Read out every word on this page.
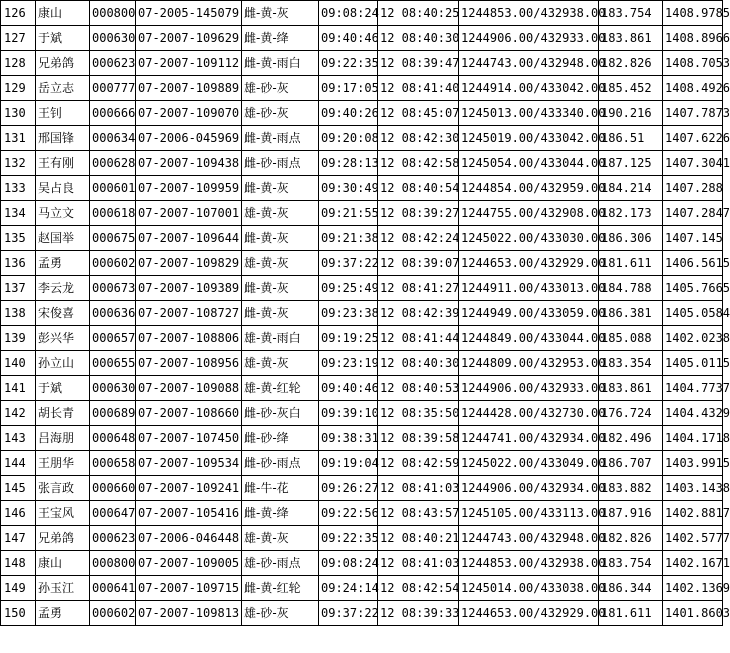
126	康山	000800	07-2005-145079	雌-黄-灰	09:08:24	12 08:40:25	1244853.00/432938.00	183.754	1408.9785
127	于斌	000630	07-2007-109629	雌-黄-绛	09:40:46	12 08:40:30	1244906.00/432933.00	183.861	1408.8966
128	兄弟鸽	000623	07-2007-109112	雌-黄-雨白	09:22:35	12 08:39:47	1244743.00/432948.00	182.826	1408.7053
129	岳立志	000777	07-2007-109889	雄-砂-灰	09:17:05	12 08:41:40	1244914.00/433042.00	185.452	1408.4926
130	王钊	000666	07-2007-109070	雄-砂-灰	09:40:26	12 08:45:07	1245013.00/433340.00	190.216	1407.7873
131	邢国锋	000634	07-2006-045969	雌-黄-雨点	09:20:08	12 08:42:30	1245019.00/433042.00	186.51	1407.6226
132	王有刚	000628	07-2007-109438	雌-砂-雨点	09:28:13	12 08:42:58	1245054.00/433044.00	187.125	1407.3041
133	吴占良	000601	07-2007-109959	雌-黄-灰	09:30:49	12 08:40:54	1244854.00/432959.00	184.214	1407.288
134	马立文	000618	07-2007-107001	雄-黄-灰	09:21:55	12 08:39:27	1244755.00/432908.00	182.173	1407.2847
135	赵国举	000675	07-2007-109644	雌-黄-灰	09:21:38	12 08:42:24	1245022.00/433030.00	186.306	1407.145
136	孟勇	000602	07-2007-109829	雄-黄-灰	09:37:22	12 08:39:07	1244653.00/432929.00	181.611	1406.5615
137	李云龙	000673	07-2007-109389	雌-黄-灰	09:25:49	12 08:41:27	1244911.00/433013.00	184.788	1405.7665
138	宋俊喜	000636	07-2007-108727	雌-黄-灰	09:23:38	12 08:42:39	1244949.00/433059.00	186.381	1405.0584
139	彭兴华	000657	07-2007-108806	雄-黄-雨白	09:19:25	12 08:41:44	1244849.00/433044.00	185.088	1402.0238
140	孙立山	000655	07-2007-108956	雄-黄-灰	09:23:19	12 08:40:30	1244809.00/432953.00	183.354	1405.0115
141	于斌	000630	07-2007-109088	雄-黄-红轮	09:40:46	12 08:40:53	1244906.00/432933.00	183.861	1404.7737
142	胡长青	000689	07-2007-108660	雌-砂-灰白	09:39:10	12 08:35:50	1244428.00/432730.00	176.724	1404.4329
143	吕海朋	000648	07-2007-107450	雌-砂-绛	09:38:31	12 08:39:58	1244741.00/432934.00	182.496	1404.1718
144	王朋华	000658	07-2007-109534	雌-砂-雨点	09:19:04	12 08:42:59	1245022.00/433049.00	186.707	1403.9915
145	张言政	000660	07-2007-109241	雌-牛-花	09:26:27	12 08:41:03	1244906.00/432934.00	183.882	1403.1438
146	王宝风	000647	07-2007-105416	雌-黄-绛	09:22:56	12 08:43:57	1245105.00/433113.00	187.916	1402.8817
147	兄弟鸽	000623	07-2006-046448	雄-黄-灰	09:22:35	12 08:40:21	1244743.00/432948.00	182.826	1402.5777
148	康山	000800	07-2007-109005	雄-砂-雨点	09:08:24	12 08:41:03	1244853.00/432938.00	183.754	1402.1671
149	孙玉江	000641	07-2007-109715	雌-黄-红轮	09:24:14	12 08:42:54	1245014.00/433038.00	186.344	1402.1369
150	孟勇	000602	07-2007-109813	雄-砂-灰	09:37:22	12 08:39:33	1244653.00/432929.00	181.611	1401.8603
